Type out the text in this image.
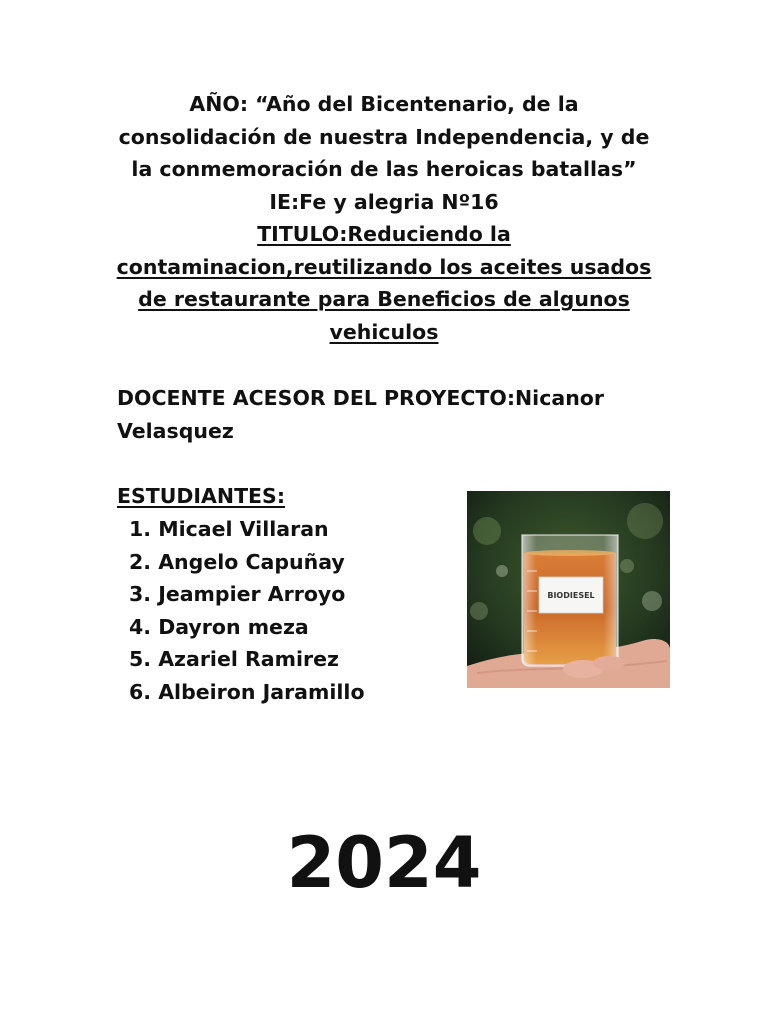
AÑO: “Año del Bicentenario, de la consolidación de nuestra Independencia, y de la conmemoración de las heroicas batallas” IE:Fe y alegria Nº16
TITULO:Reduciendo la contaminacion,reutilizando los aceites usados de restaurante para Beneficios de algunos vehiculos
DOCENTE ACESOR DEL PROYECTO:Nicanor Velasquez
ESTUDIANTES:
1. Micael Villaran
2. Angelo Capuñay
3. Jeampier Arroyo
4. Dayron meza
5. Azariel Ramirez
6. Albeiron Jaramillo
BIODIESEL
2024
